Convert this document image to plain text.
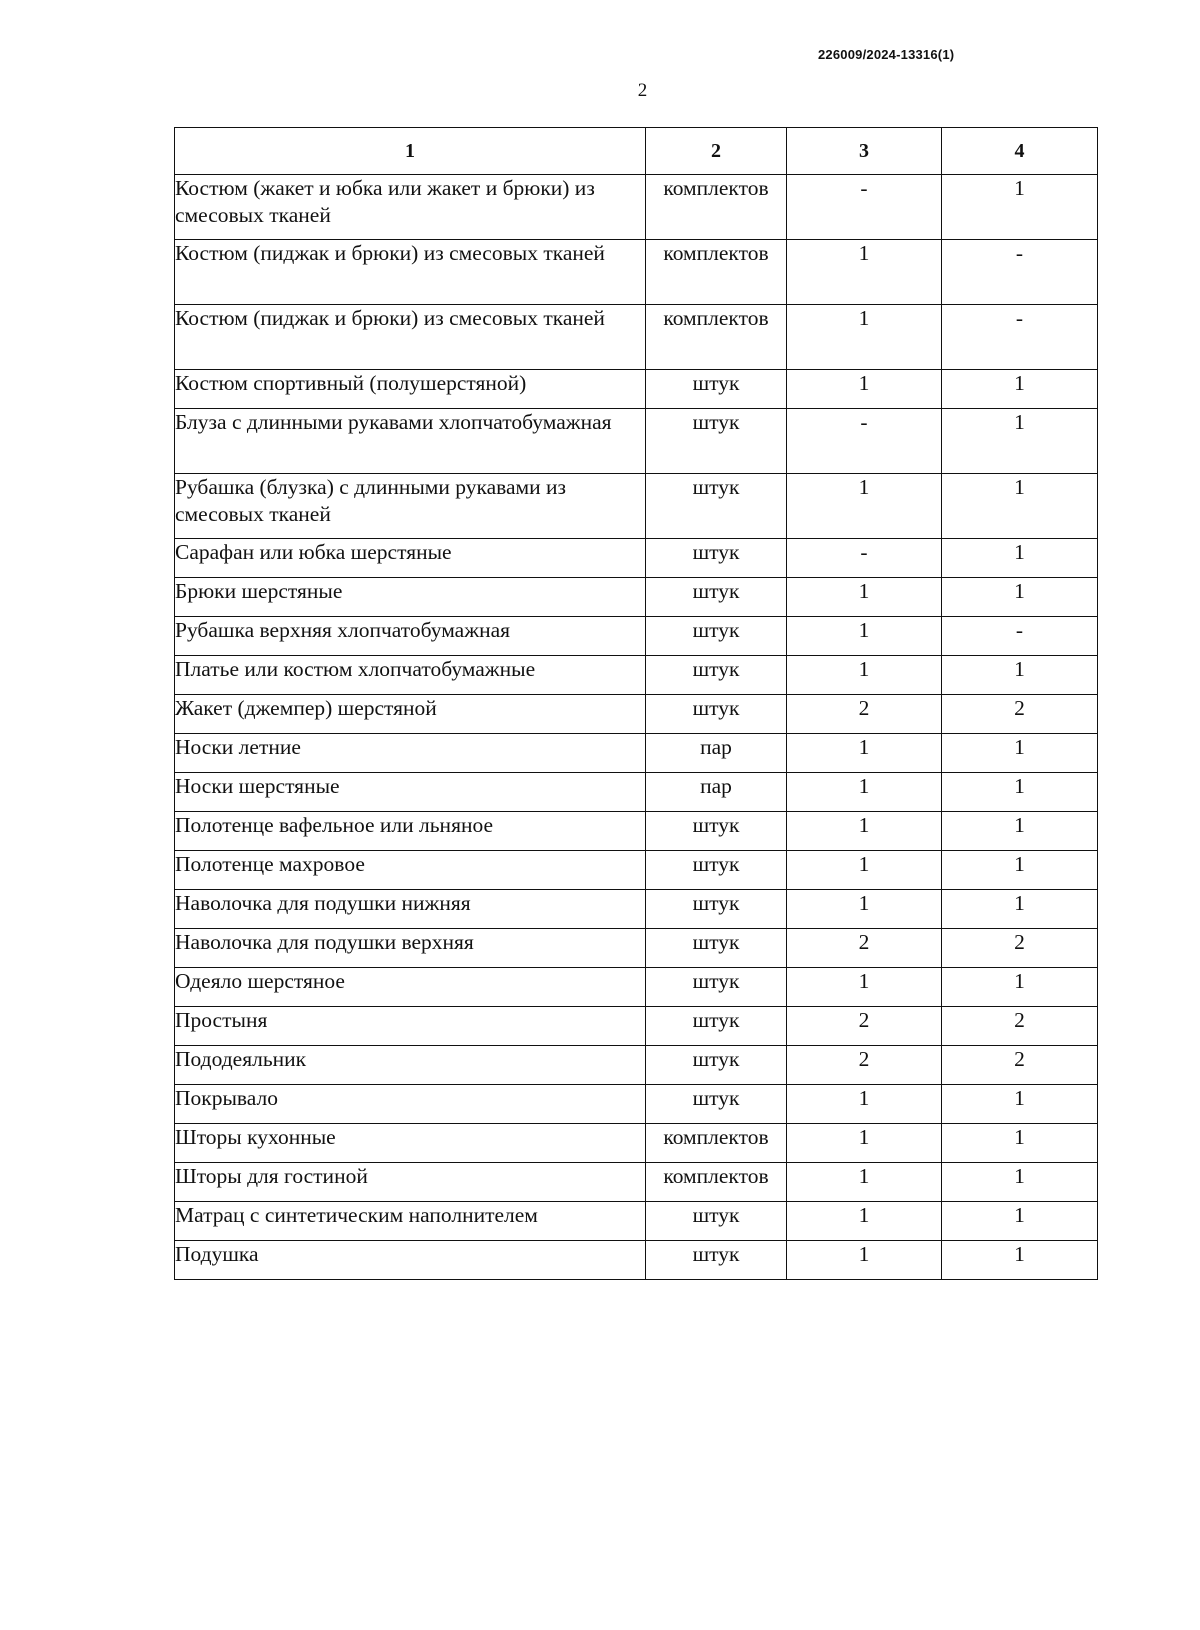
226009/2024-13316(1)
2
1	2	3	4
Костюм (жакет и юбка или жакет и брюки) из смесовых тканей	комплектов	-	1
Костюм (пиджак и брюки) из смесовых тканей	комплектов	1	-
Костюм (пиджак и брюки) из смесовых тканей	комплектов	1	-
Костюм спортивный (полушерстяной)	штук	1	1
Блуза с длинными рукавами хлопчатобумажная	штук	-	1
Рубашка (блузка) с длинными рукавами из смесовых тканей	штук	1	1
Сарафан или юбка шерстяные	штук	-	1
Брюки шерстяные	штук	1	1
Рубашка верхняя хлопчатобумажная	штук	1	-
Платье или костюм хлопчатобумажные	штук	1	1
Жакет (джемпер) шерстяной	штук	2	2
Носки летние	пар	1	1
Носки шерстяные	пар	1	1
Полотенце вафельное или льняное	штук	1	1
Полотенце махровое	штук	1	1
Наволочка для подушки нижняя	штук	1	1
Наволочка для подушки верхняя	штук	2	2
Одеяло шерстяное	штук	1	1
Простыня	штук	2	2
Пододеяльник	штук	2	2
Покрывало	штук	1	1
Шторы кухонные	комплектов	1	1
Шторы для гостиной	комплектов	1	1
Матрац с синтетическим наполнителем	штук	1	1
Подушка	штук	1	1
